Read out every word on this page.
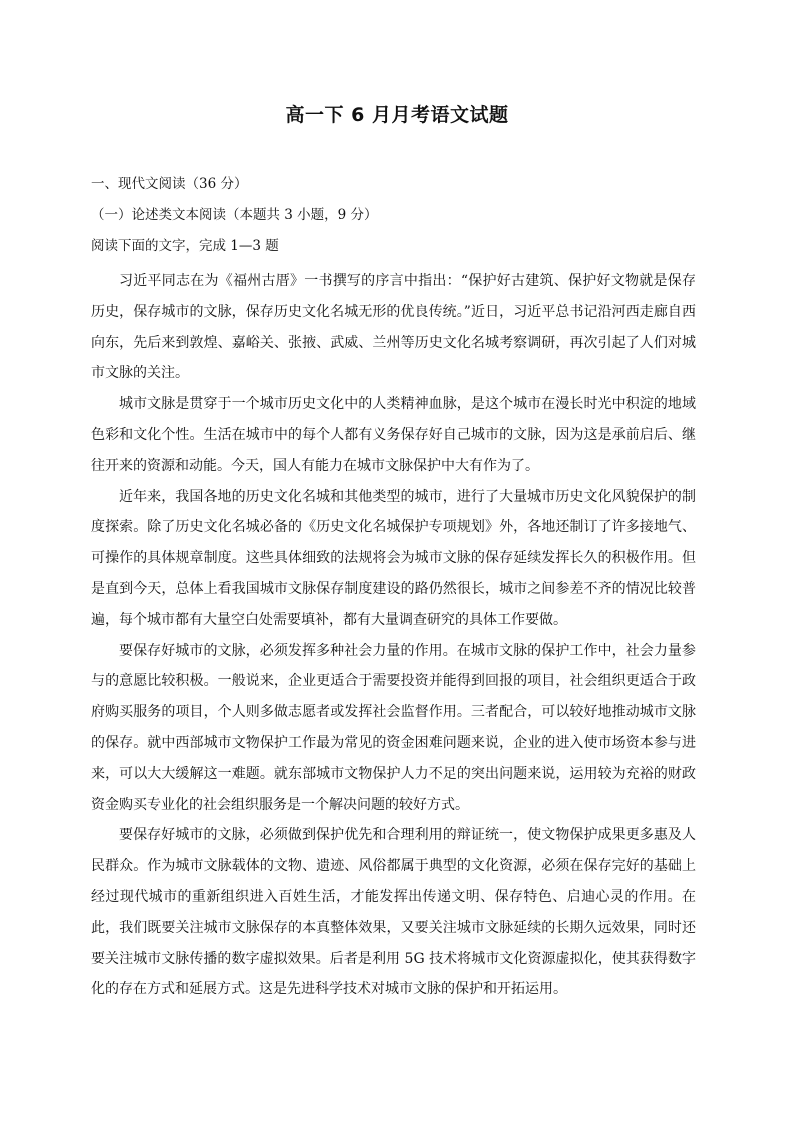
高一下 6 月月考语文试题
一、现代文阅读（36 分）
（一）论述类文本阅读（本题共 3 小题，9 分）
阅读下面的文字，完成 1—3 题

习近平同志在为《福州古厝》一书撰写的序言中指出：“保护好古建筑、保护好文物就是保存历史，保存城市的文脉，保存历史文化名城无形的优良传统。”近日，习近平总书记沿河西走廊自西向东，先后来到敦煌、嘉峪关、张掖、武威、兰州等历史文化名城考察调研，再次引起了人们对城市文脉的关注。

城市文脉是贯穿于一个城市历史文化中的人类精神血脉，是这个城市在漫长时光中积淀的地域色彩和文化个性。生活在城市中的每个人都有义务保存好自己城市的文脉，因为这是承前启后、继往开来的资源和动能。今天，国人有能力在城市文脉保护中大有作为了。

近年来，我国各地的历史文化名城和其他类型的城市，进行了大量城市历史文化风貌保护的制度探索。除了历史文化名城必备的《历史文化名城保护专项规划》外，各地还制订了许多接地气、可操作的具体规章制度。这些具体细致的法规将会为城市文脉的保存延续发挥长久的积极作用。但是直到今天，总体上看我国城市文脉保存制度建设的路仍然很长，城市之间参差不齐的情况比较普遍，每个城市都有大量空白处需要填补，都有大量调查研究的具体工作要做。

要保存好城市的文脉，必须发挥多种社会力量的作用。在城市文脉的保护工作中，社会力量参与的意愿比较积极。一般说来，企业更适合于需要投资并能得到回报的项目，社会组织更适合于政府购买服务的项目，个人则多做志愿者或发挥社会监督作用。三者配合，可以较好地推动城市文脉的保存。就中西部城市文物保护工作最为常见的资金困难问题来说，企业的进入使市场资本参与进来，可以大大缓解这一难题。就东部城市文物保护人力不足的突出问题来说，运用较为充裕的财政资金购买专业化的社会组织服务是一个解决问题的较好方式。

要保存好城市的文脉，必须做到保护优先和合理利用的辩证统一，使文物保护成果更多惠及人民群众。作为城市文脉载体的文物、遗迹、风俗都属于典型的文化资源，必须在保存完好的基础上经过现代城市的重新组织进入百姓生活，才能发挥出传递文明、保存特色、启迪心灵的作用。在此，我们既要关注城市文脉保存的本真整体效果，又要关注城市文脉延续的长期久远效果，同时还要关注城市文脉传播的数字虚拟效果。后者是利用 5G 技术将城市文化资源虚拟化，使其获得数字化的存在方式和延展方式。这是先进科学技术对城市文脉的保护和开拓运用。
